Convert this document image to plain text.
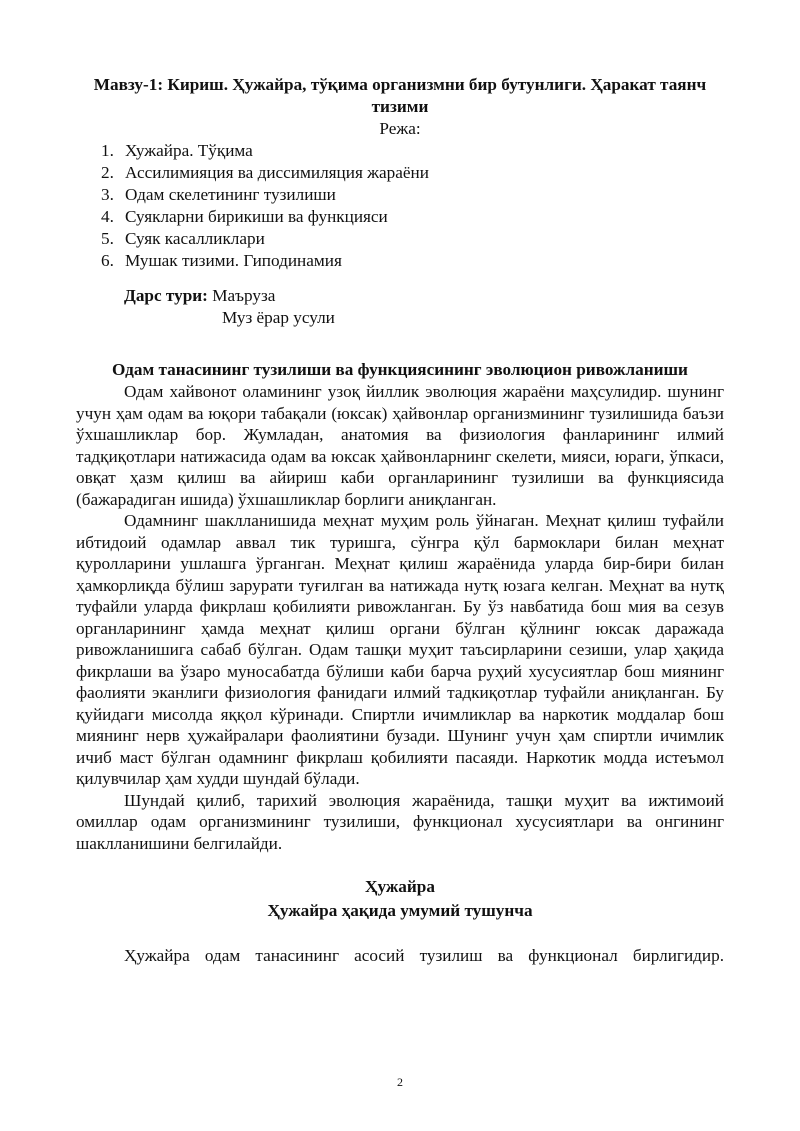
Мавзу-1: Кириш. Ҳужайра, тўқима организмни бир бутунлиги. Ҳаракат таянч тизими
Режа:
1. Хужайра. Тўқима
2. Ассилимияция ва диссимиляция жараёни
3. Одам скелетининг тузилиши
4. Суякларни бирикиши ва функцияси
5. Суяк касалликлари
6. Мушак тизими. Гиподинамия
Дарс тури: Маъруза
Муз ёрар усули
Одам танасининг тузилиши ва функциясининг эволюцион ривожланиши

Одам хайвонот оламининг узоқ йиллик эволюция жараёни маҳсулидир. шунинг учун ҳам одам ва юқори табақали (юксак) ҳайвонлар организмининг тузилишида баъзи ўхшашликлар бор. Жумладан, анатомия ва физиология фанларининг илмий тадқиқотлари натижасида одам ва юксак ҳайвонларнинг скелети, мияси, юраги, ўпкаси, овқат ҳазм қилиш ва айириш каби органларининг тузилиши ва функциясида (бажарадиган ишида) ўхшашликлар борлиги аниқланган.

Одамнинг шаклланишида меҳнат муҳим роль ўйнаган. Меҳнат қилиш туфайли ибтидоий одамлар аввал тик туришга, сўнгра қўл бармоклари билан меҳнат қуролларини ушлашга ўрганган. Меҳнат қилиш жараёнида уларда бир-бири билан ҳамкорлиқда бўлиш зарурати туғилган ва натижада нутқ юзага келган. Меҳнат ва нутқ туфайли уларда фикрлаш қобилияти ривожланган. Бу ўз навбатида бош мия ва сезув органларининг ҳамда меҳнат қилиш органи бўлган қўлнинг юксак даражада ривожланишига сабаб бўлган. Одам ташқи муҳит таъсирларини сезиши, улар ҳақида фикрлаши ва ўзаро муносабатда бўлиши каби барча руҳий хусусиятлар бош миянинг фаолияти эканлиги физиология фанидаги илмий тадкиқотлар туфайли аниқланган. Бу қуйидаги мисолда яққол кўринади. Спиртли ичимликлар ва наркотик моддалар бош миянинг нерв ҳужайралари фаолиятини бузади. Шунинг учун ҳам спиртли ичимлик ичиб маст бўлган одамнинг фикрлаш қобилияти пасаяди. Наркотик модда истеъмол қилувчилар ҳам худди шундай бўлади.

Шундай қилиб, тарихий эволюция жараёнида, ташқи муҳит ва ижтимоий омиллар одам организмининг тузилиши, функционал хусусиятлари ва онгининг шаклланишини белгилайди.

Ҳужайра
Ҳужайра ҳақида умумий тушунча

Ҳужайра одам танасининг асосий тузилиш ва функционал бирлигидир.

2
